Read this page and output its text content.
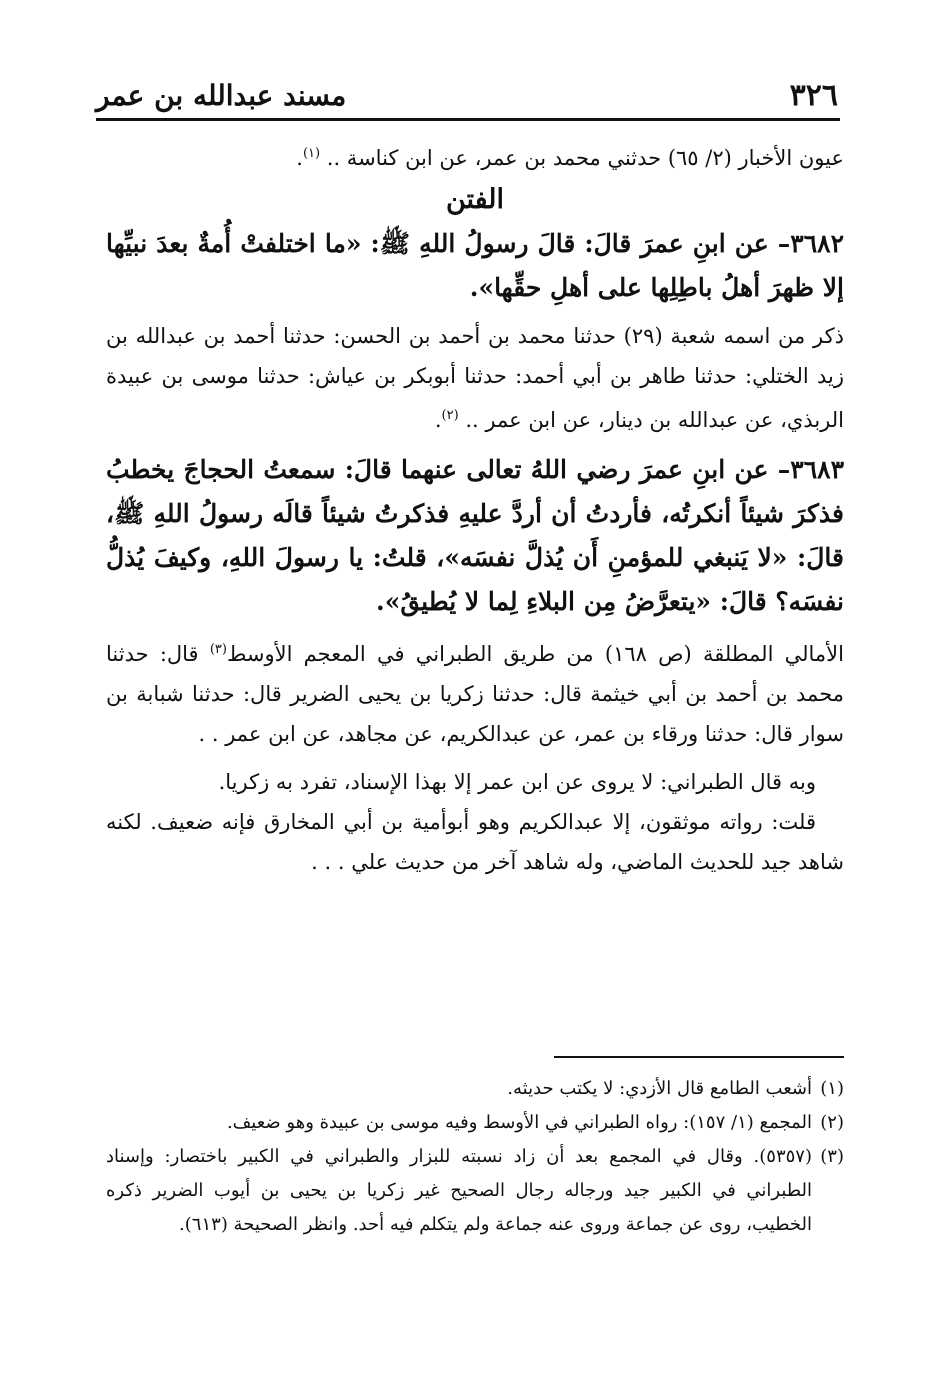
٣٢٦
مسند عبدالله بن عمر

عيون الأخبار (٢/ ٦٥) حدثني محمد بن عمر، عن ابن كناسة .. $^{(١)}$.

الفتن

٣٦٨٢– عن ابنِ عمرَ قالَ: قالَ رسولُ اللهِ ﷺ: «ما اختلفتْ أُمةٌ بعدَ نبيِّها إلا ظهرَ أهلُ باطِلِها على أهلِ حقِّها».

ذكر من اسمه شعبة (٢٩) حدثنا محمد بن أحمد بن الحسن: حدثنا أحمد بن عبدالله بن زيد الختلي: حدثنا طاهر بن أبي أحمد: حدثنا أبوبكر بن عياش: حدثنا موسى بن عبيدة الربذي، عن عبدالله بن دينار، عن ابن عمر .. $^{(٢)}$.

٣٦٨٣– عن ابنِ عمرَ رضي اللهُ تعالى عنهما قالَ: سمعتُ الحجاجَ يخطبُ فذكرَ شيئاً أنكرتُه، فأردتُ أن أردَّ عليهِ فذكرتُ شيئاً قالَه رسولُ اللهِ ﷺ، قالَ: «لا يَنبغي للمؤمنِ أَن يُذلَّ نفسَه»، قلتُ: يا رسولَ اللهِ، وكيفَ يُذلُّ نفسَه؟ قالَ: «يتعرَّضُ مِن البلاءِ لِما لا يُطيقُ».

الأمالي المطلقة (ص ١٦٨) من طريق الطبراني في المعجم الأوسط$^{(٣)}$ قال: حدثنا محمد بن أحمد بن أبي خيثمة قال: حدثنا زكريا بن يحيى الضرير قال: حدثنا شبابة بن سوار قال: حدثنا ورقاء بن عمر، عن عبدالكريم، عن مجاهد، عن ابن عمر . .

وبه قال الطبراني: لا يروى عن ابن عمر إلا بهذا الإسناد، تفرد به زكريا.

قلت: رواته موثقون، إلا عبدالكريم وهو أبوأمية بن أبي المخارق فإنه ضعيف. لكنه شاهد جيد للحديث الماضي، وله شاهد آخر من حديث علي . . .

(١)أشعب الطامع قال الأزدي: لا يكتب حديثه.

(٢)المجمع (١/ ١٥٧): رواه الطبراني في الأوسط وفيه موسى بن عبيدة وهو ضعيف.

(٣)(٥٣٥٧). وقال في المجمع بعد أن زاد نسبته للبزار والطبراني في الكبير باختصار: وإسناد الطبراني في الكبير جيد ورجاله رجال الصحيح غير زكريا بن يحيى بن أيوب الضرير ذكره الخطيب، روى عن جماعة وروى عنه جماعة ولم يتكلم فيه أحد. وانظر الصحيحة (٦١٣).
